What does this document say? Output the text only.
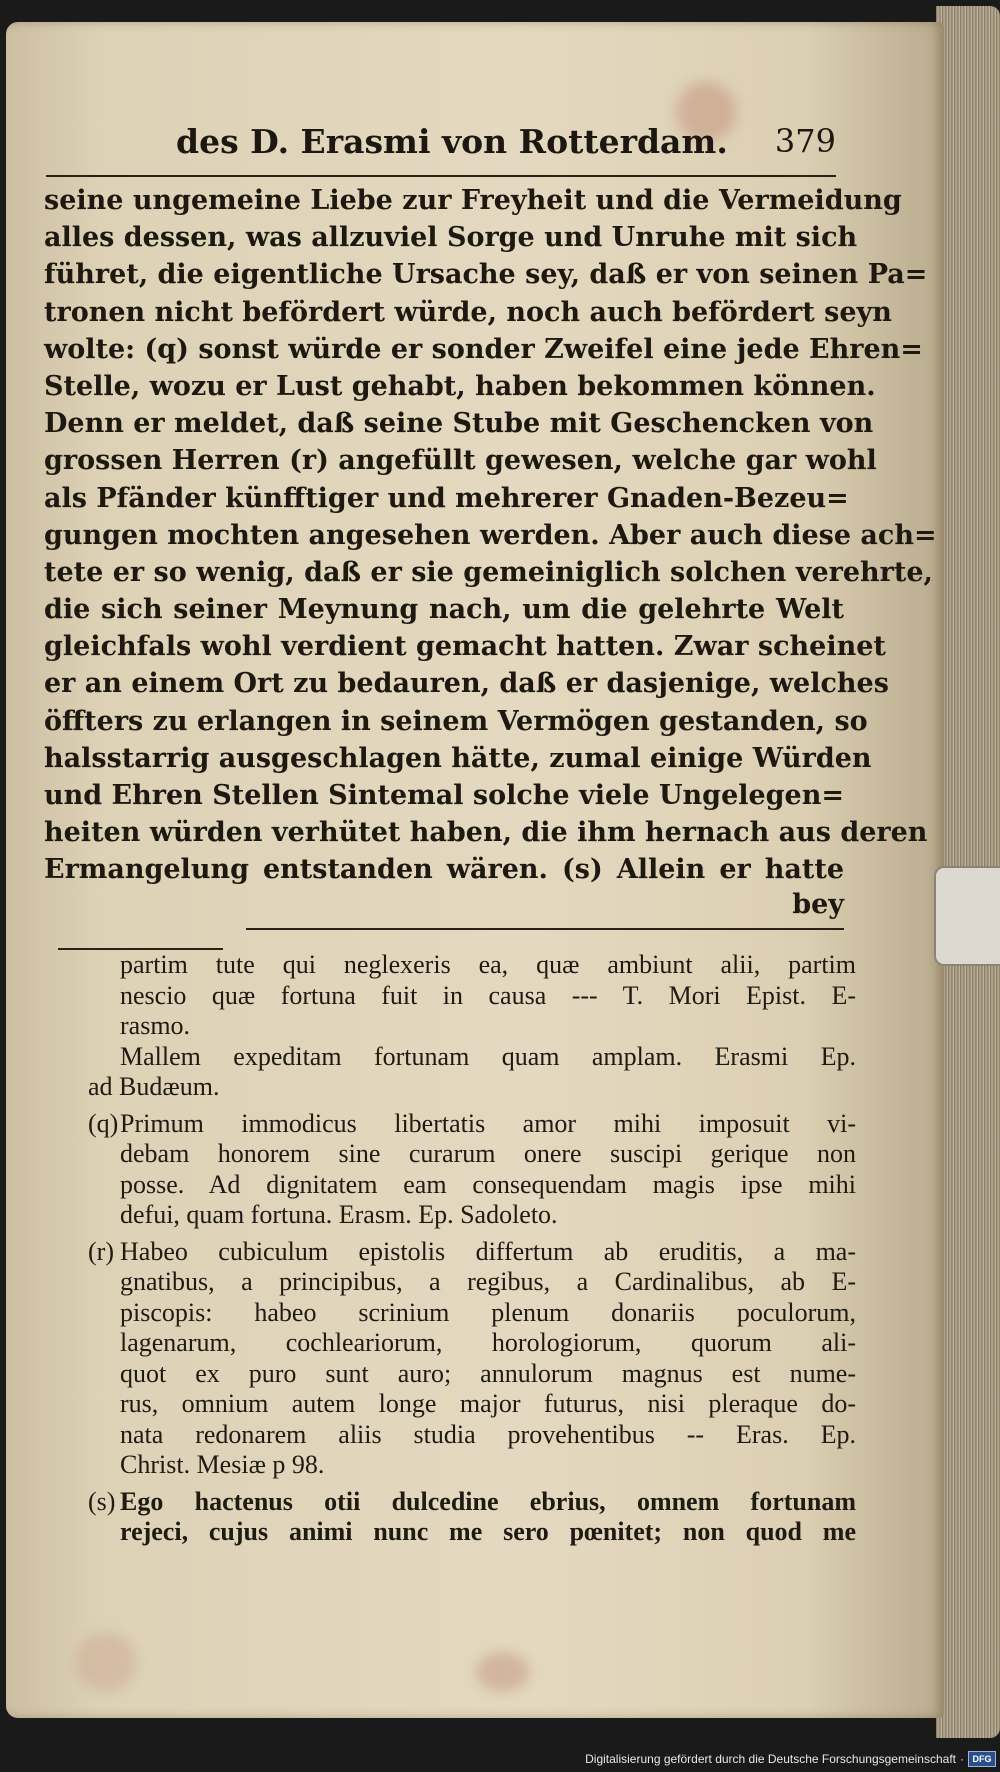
des D. Erasmi von Rotterdam. 379
seine ungemeine Liebe zur Freyheit und die Vermeidung
alles dessen, was allzuviel Sorge und Unruhe mit sich
führet, die eigentliche Ursache sey, daß er von seinen Pa=
tronen nicht befördert würde, noch auch befördert seyn
wolte: (q) sonst würde er sonder Zweifel eine jede Ehren=
Stelle, wozu er Lust gehabt, haben bekommen können.
Denn er meldet, daß seine Stube mit Geschencken von
grossen Herren (r) angefüllt gewesen, welche gar wohl
als Pfänder künfftiger und mehrerer Gnaden-Bezeu=
gungen mochten angesehen werden. Aber auch diese ach=
tete er so wenig, daß er sie gemeiniglich solchen verehrte,
die sich seiner Meynung nach, um die gelehrte Welt
gleichfals wohl verdient gemacht hatten. Zwar scheinet
er an einem Ort zu bedauren, daß er dasjenige, welches
öffters zu erlangen in seinem Vermögen gestanden, so
halsstarrig ausgeschlagen hätte, zumal einige Würden
und Ehren Stellen Sintemal solche viele Ungelegen=
heiten würden verhütet haben, die ihm hernach aus deren
Ermangelung entstanden wären. (s) Allein er hatte
bey
partim tute qui neglexeris ea, quæ ambiunt alii, partim
nescio quæ fortuna fuit in causa --- T. Mori Epist. E-
rasmo.
Mallem expeditam fortunam quam amplam. Erasmi Ep.
ad Budæum.
(q) Primum immodicus libertatis amor mihi imposuit vi-
debam honorem sine curarum onere suscipi gerique non
posse. Ad dignitatem eam consequendam magis ipse mihi
defui, quam fortuna. Erasm. Ep. Sadoleto.
(r) Habeo cubiculum epistolis differtum ab eruditis, a ma-
gnatibus, a principibus, a regibus, a Cardinalibus, ab E-
piscopis: habeo scrinium plenum donariis poculorum,
lagenarum, cochleariorum, horologiorum, quorum ali-
quot ex puro sunt auro; annulorum magnus est nume-
rus, omnium autem longe major futurus, nisi pleraque do-
nata redonarem aliis studia provehentibus -- Eras. Ep.
Christ. Mesiæ p 98.
(s) Ego hactenus otii dulcedine ebrius, omnem fortunam
rejeci, cujus animi nunc me sero pœnitet; non quod me
Digitalisierung gefördert durch die Deutsche Forschungsgemeinschaft · DFG
